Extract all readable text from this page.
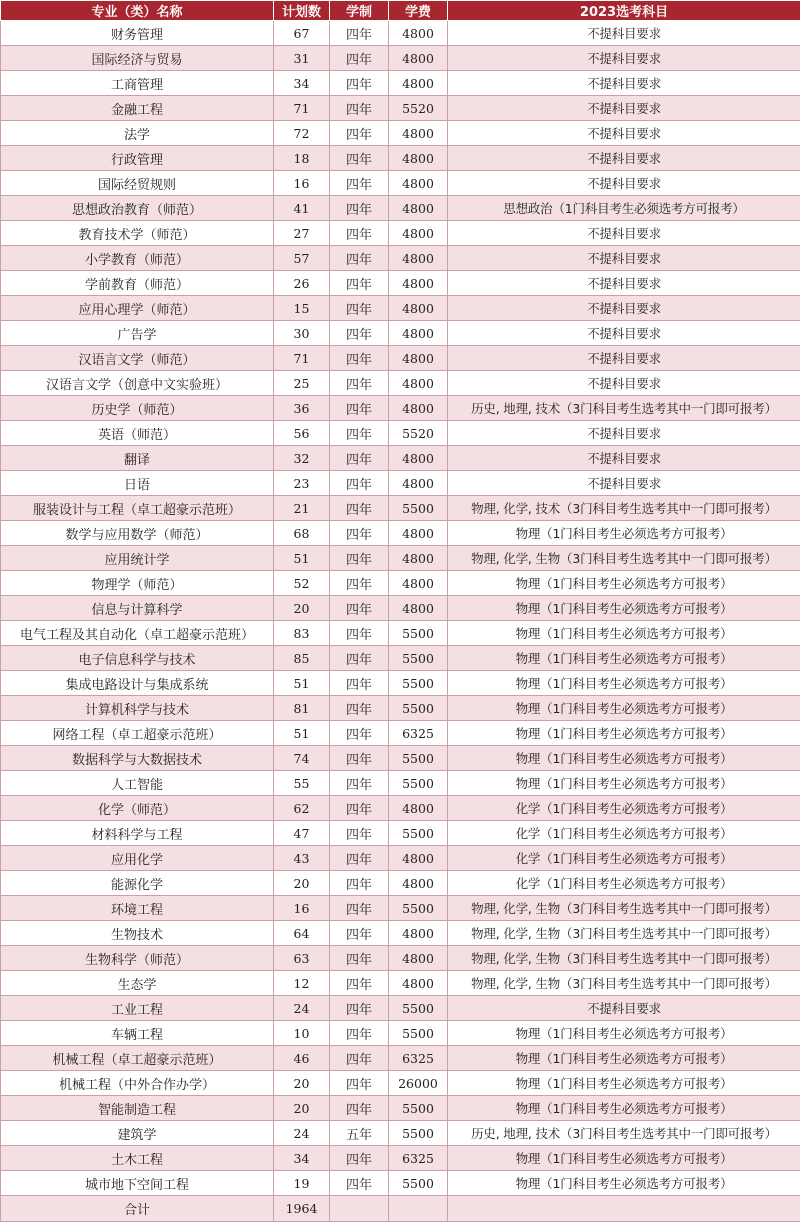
专业（类）名称	计划数	学制	学费	2023选考科目
财务管理	67	四年	4800	不提科目要求
国际经济与贸易	31	四年	4800	不提科目要求
工商管理	34	四年	4800	不提科目要求
金融工程	71	四年	5520	不提科目要求
法学	72	四年	4800	不提科目要求
行政管理	18	四年	4800	不提科目要求
国际经贸规则	16	四年	4800	不提科目要求
思想政治教育（师范）	41	四年	4800	思想政治（1门科目考生必须选考方可报考）
教育技术学（师范）	27	四年	4800	不提科目要求
小学教育（师范）	57	四年	4800	不提科目要求
学前教育（师范）	26	四年	4800	不提科目要求
应用心理学（师范）	15	四年	4800	不提科目要求
广告学	30	四年	4800	不提科目要求
汉语言文学（师范）	71	四年	4800	不提科目要求
汉语言文学（创意中文实验班）	25	四年	4800	不提科目要求
历史学（师范）	36	四年	4800	历史, 地理, 技术（3门科目考生选考其中一门即可报考）
英语（师范）	56	四年	5520	不提科目要求
翻译	32	四年	4800	不提科目要求
日语	23	四年	4800	不提科目要求
服装设计与工程（卓工超豪示范班）	21	四年	5500	物理, 化学, 技术（3门科目考生选考其中一门即可报考）
数学与应用数学（师范）	68	四年	4800	物理（1门科目考生必须选考方可报考）
应用统计学	51	四年	4800	物理, 化学, 生物（3门科目考生选考其中一门即可报考）
物理学（师范）	52	四年	4800	物理（1门科目考生必须选考方可报考）
信息与计算科学	20	四年	4800	物理（1门科目考生必须选考方可报考）
电气工程及其自动化（卓工超豪示范班）	83	四年	5500	物理（1门科目考生必须选考方可报考）
电子信息科学与技术	85	四年	5500	物理（1门科目考生必须选考方可报考）
集成电路设计与集成系统	51	四年	5500	物理（1门科目考生必须选考方可报考）
计算机科学与技术	81	四年	5500	物理（1门科目考生必须选考方可报考）
网络工程（卓工超豪示范班）	51	四年	6325	物理（1门科目考生必须选考方可报考）
数据科学与大数据技术	74	四年	5500	物理（1门科目考生必须选考方可报考）
人工智能	55	四年	5500	物理（1门科目考生必须选考方可报考）
化学（师范）	62	四年	4800	化学（1门科目考生必须选考方可报考）
材料科学与工程	47	四年	5500	化学（1门科目考生必须选考方可报考）
应用化学	43	四年	4800	化学（1门科目考生必须选考方可报考）
能源化学	20	四年	4800	化学（1门科目考生必须选考方可报考）
环境工程	16	四年	5500	物理, 化学, 生物（3门科目考生选考其中一门即可报考）
生物技术	64	四年	4800	物理, 化学, 生物（3门科目考生选考其中一门即可报考）
生物科学（师范）	63	四年	4800	物理, 化学, 生物（3门科目考生选考其中一门即可报考）
生态学	12	四年	4800	物理, 化学, 生物（3门科目考生选考其中一门即可报考）
工业工程	24	四年	5500	不提科目要求
车辆工程	10	四年	5500	物理（1门科目考生必须选考方可报考）
机械工程（卓工超豪示范班）	46	四年	6325	物理（1门科目考生必须选考方可报考）
机械工程（中外合作办学）	20	四年	26000	物理（1门科目考生必须选考方可报考）
智能制造工程	20	四年	5500	物理（1门科目考生必须选考方可报考）
建筑学	24	五年	5500	历史, 地理, 技术（3门科目考生选考其中一门即可报考）
土木工程	34	四年	6325	物理（1门科目考生必须选考方可报考）
城市地下空间工程	19	四年	5500	物理（1门科目考生必须选考方可报考）
合计	1964			
